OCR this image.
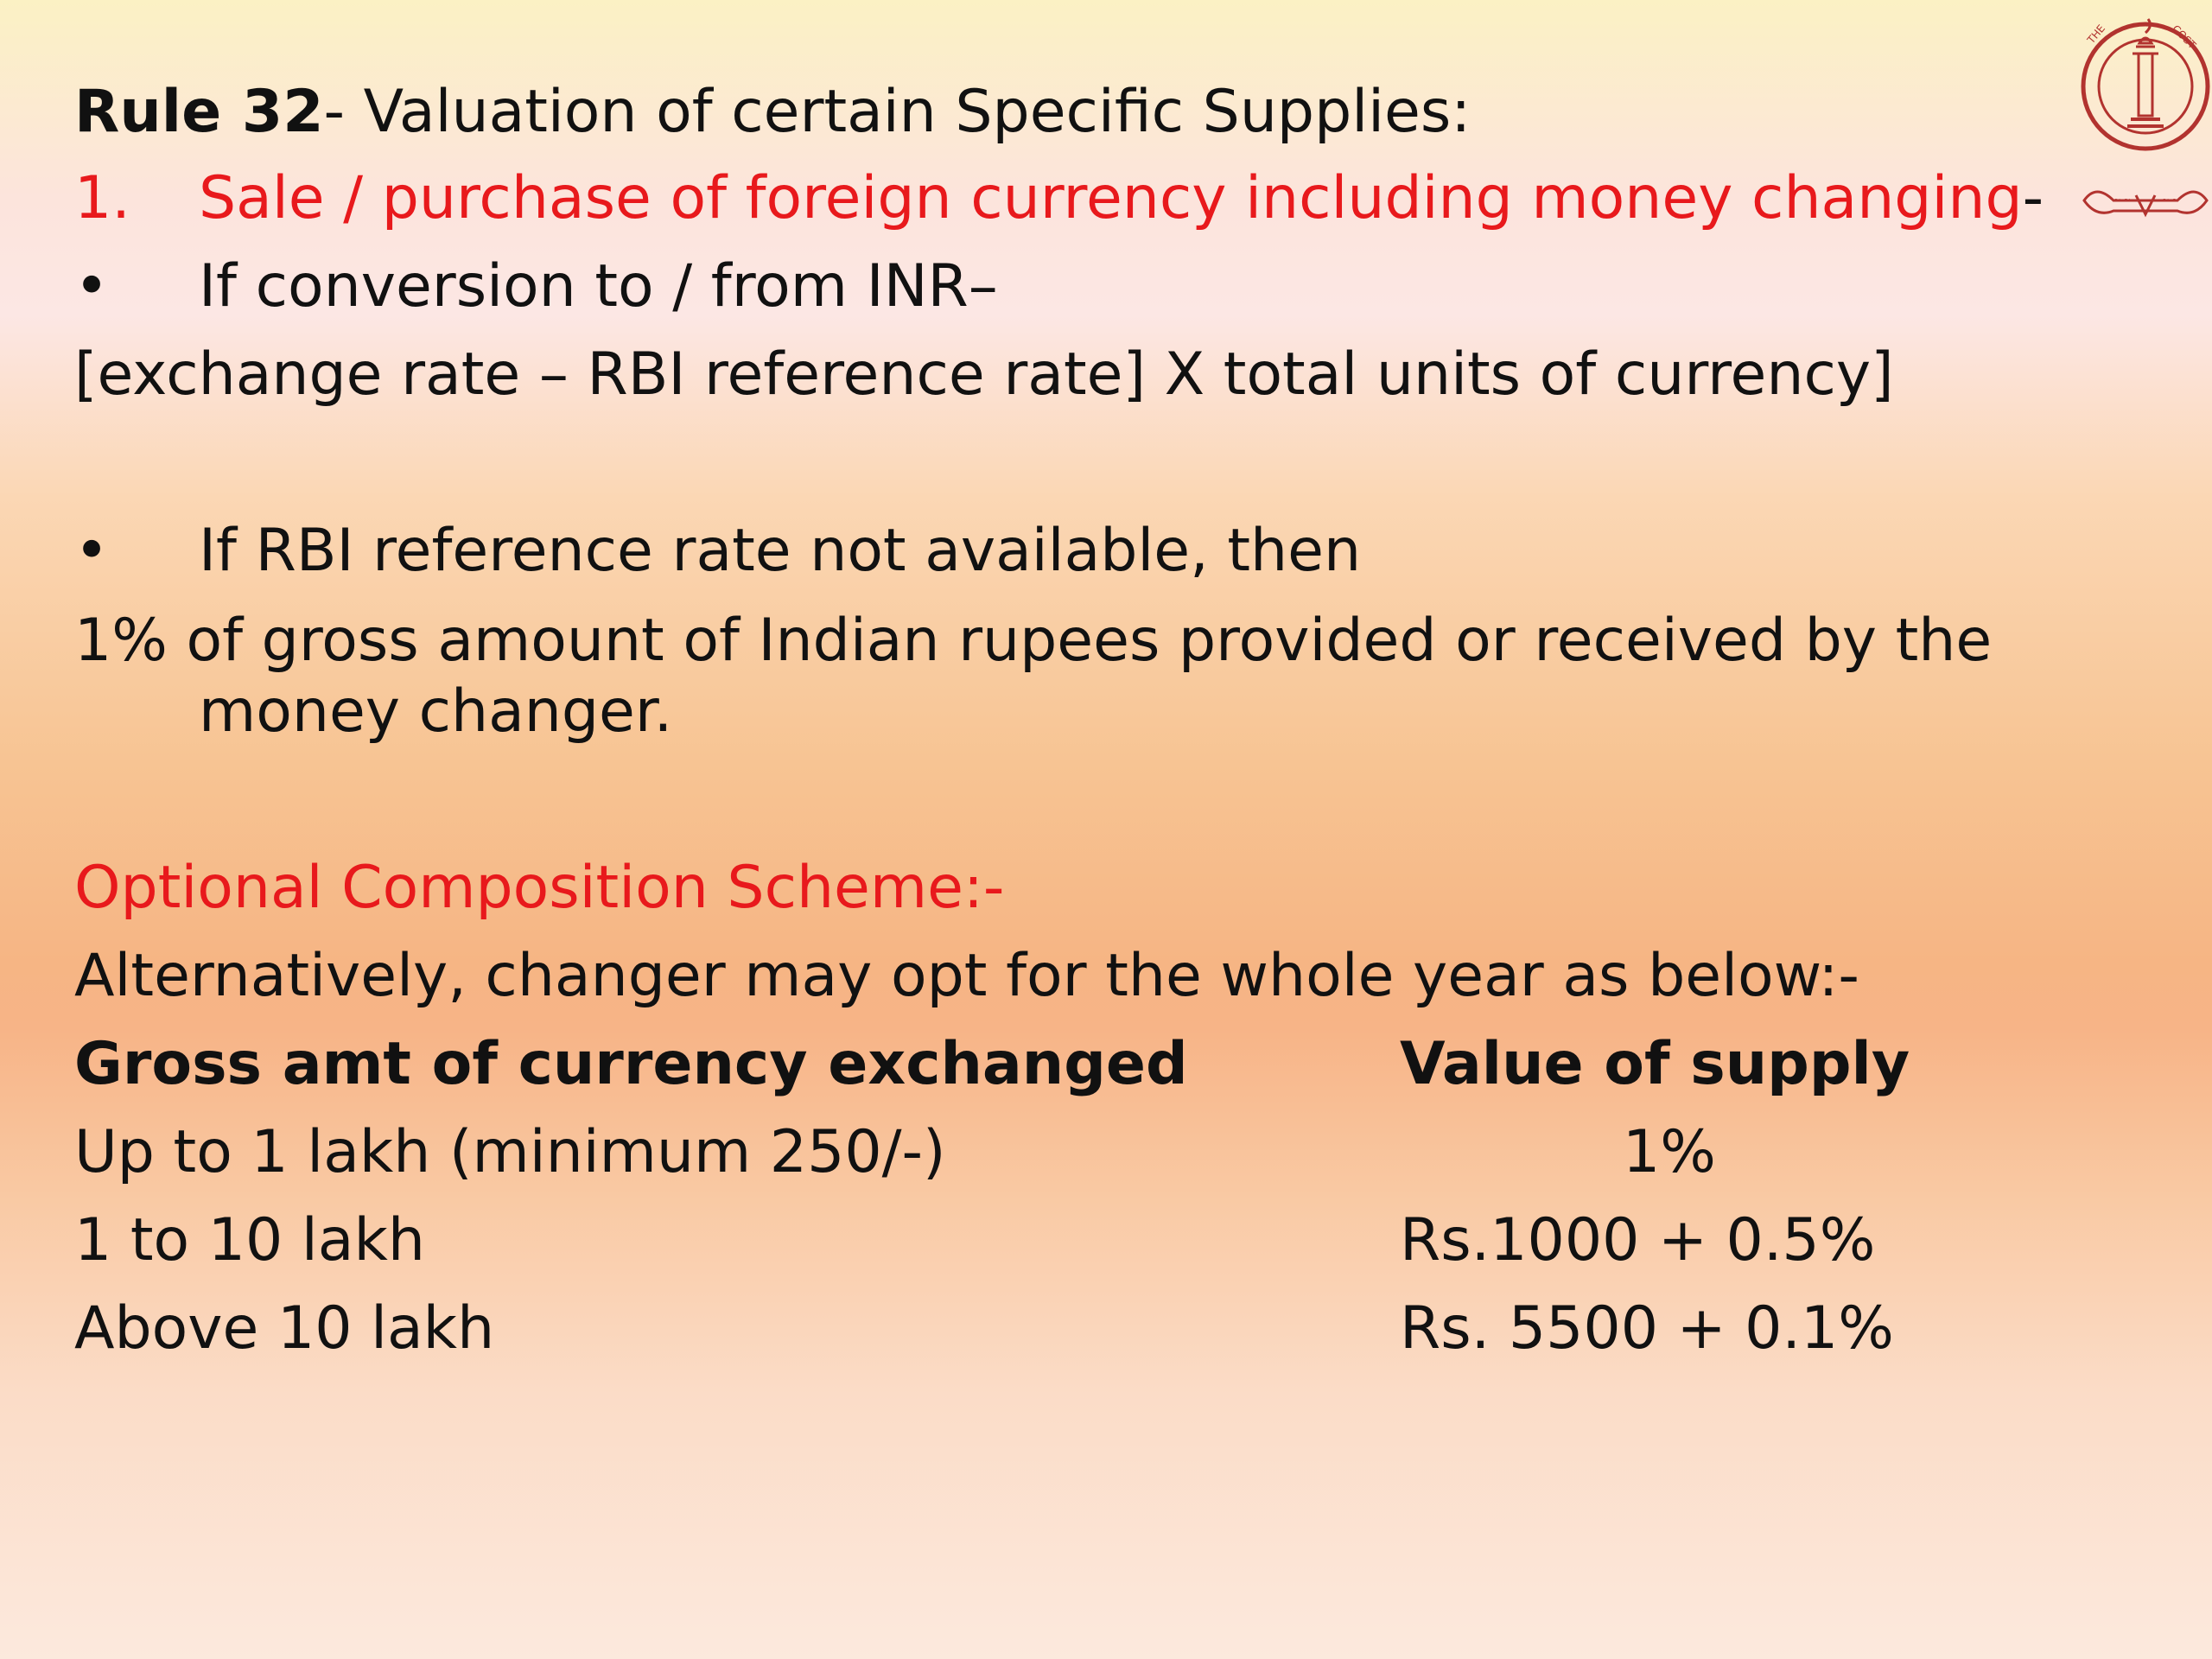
Rule 32- Valuation of certain Specific Supplies:
1. Sale / purchase of foreign currency including money changing-
• If conversion to / from INR–
[exchange rate – RBI reference rate] X total units of currency]
• If RBI reference rate not available, then
1% of gross amount of Indian rupees provided or received by the
money changer.
Optional Composition Scheme:-
Alternatively, changer may opt for the whole year as below:-
Gross amt of currency exchanged	Value of supply
Up to 1 lakh (minimum 250/-)	1%
1 to 10 lakh	Rs.1000 + 0.5%
Above 10 lakh	Rs. 5500 + 0.1%
THE	COST
~ ~	~ ~
